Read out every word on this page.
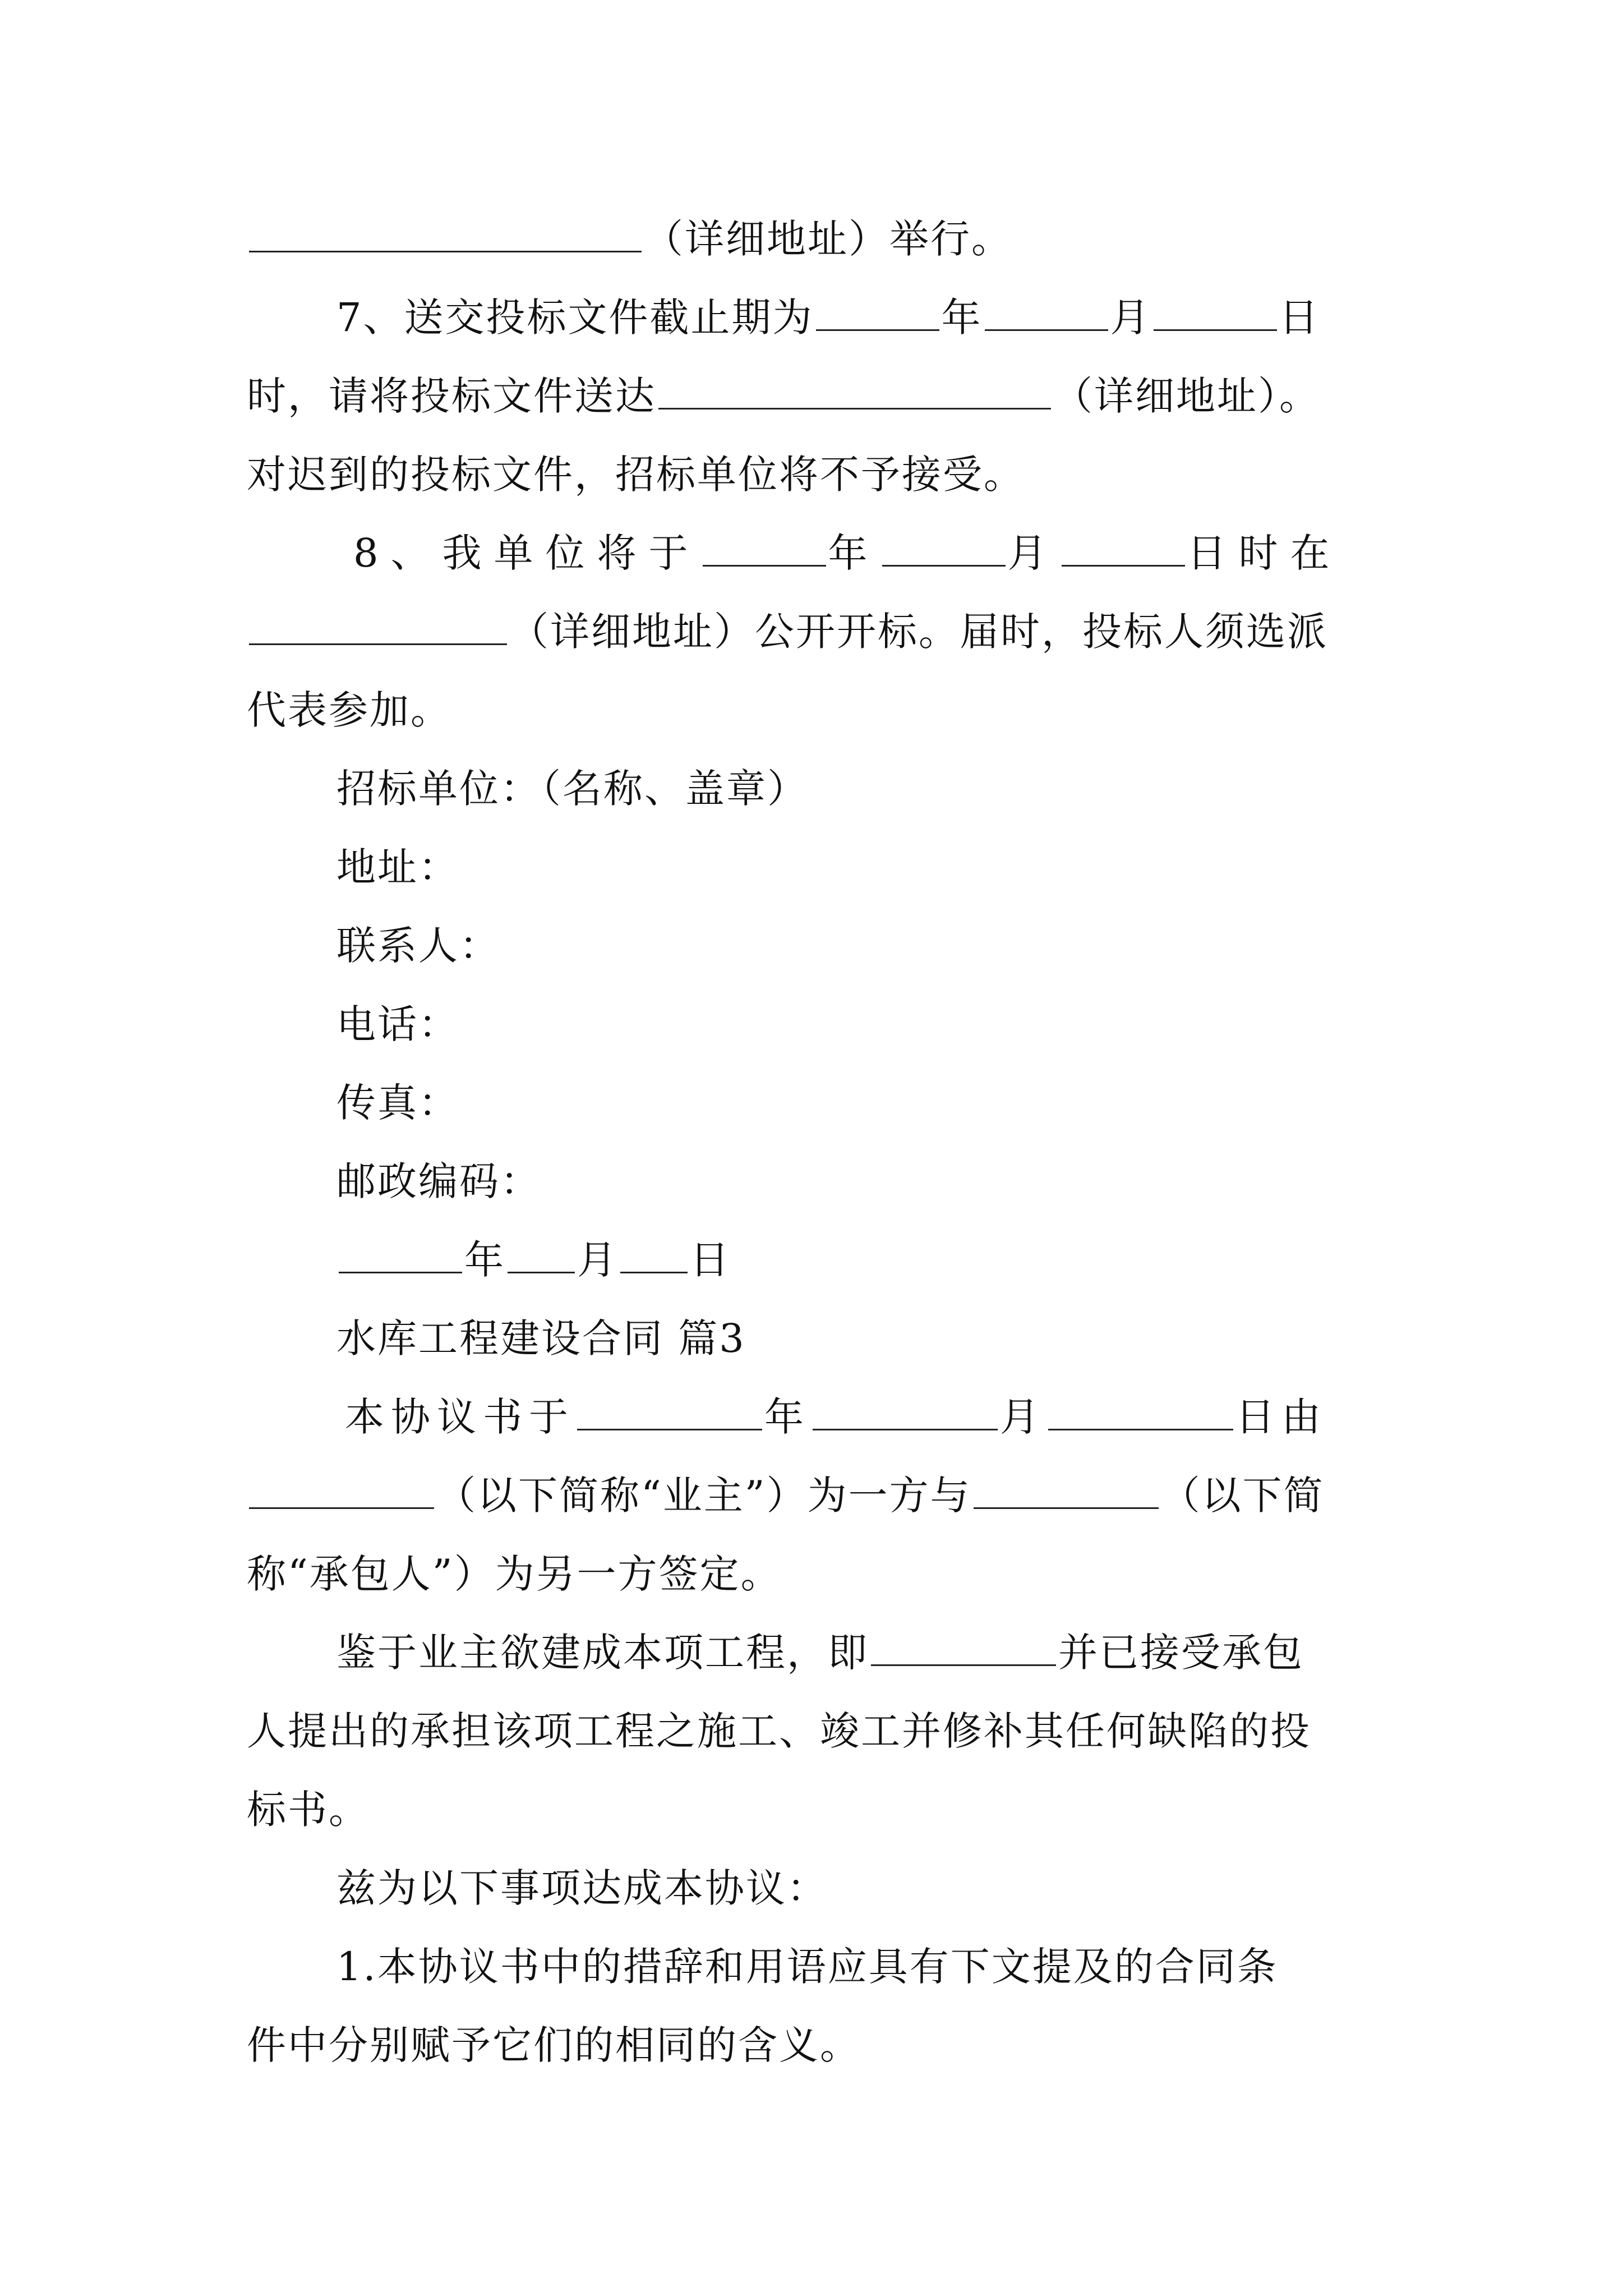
（详细地址）举行。
7、送交投标文件截止期为	年	月	日
时，请将投标文件送达	（详细地址）。
对迟到的投标文件，招标单位将不予接受。
8、我单位将于	年	月	日时在
（详细地址）公开开标。届时，投标人须选派
代表参加。
招标单位：（名称、盖章）
地址：
联系人：
电话：
传真：
邮政编码：
年 月 日
水库工程建设合同 篇3
本协议书于	年	月	日由
（以下简称“业主”）为一方与	（以下简
称“承包人”）为另一方签定。
鉴于业主欲建成本项工程，即	并已接受承包
人提出的承担该项工程之施工、竣工并修补其任何缺陷的投
标书。
兹为以下事项达成本协议：
1.本协议书中的措辞和用语应具有下文提及的合同条
件中分别赋予它们的相同的含义。
